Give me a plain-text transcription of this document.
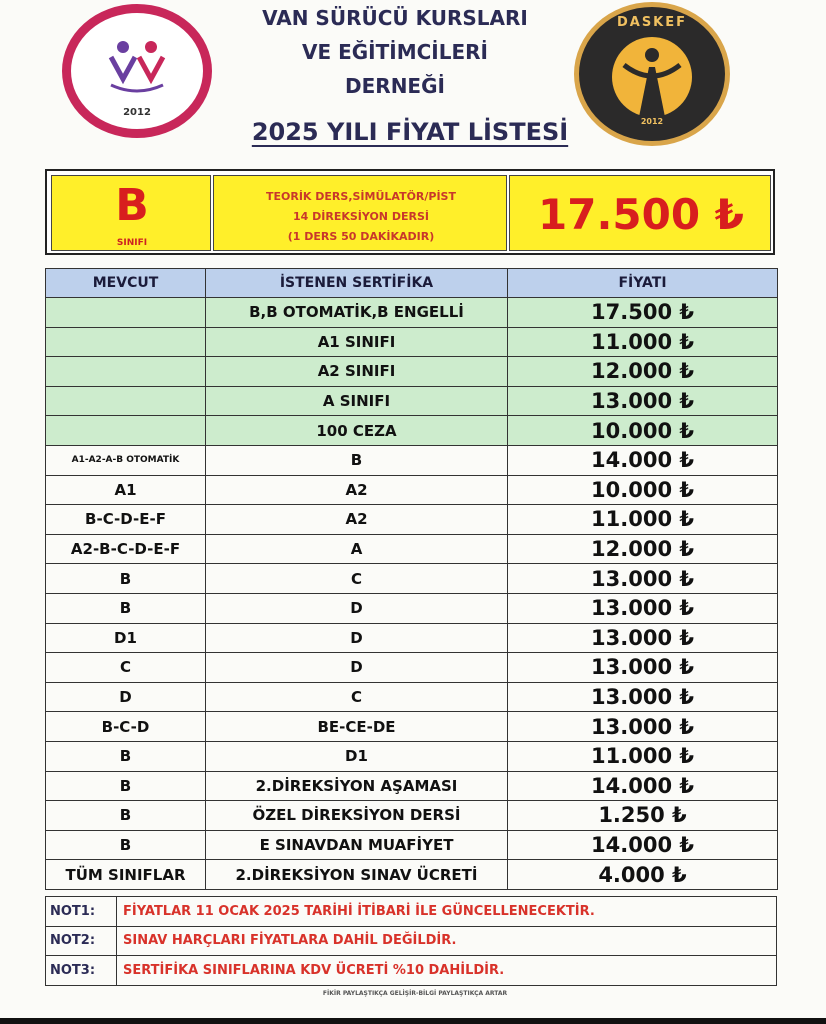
2012
VAN SÜRÜCÜ KURSLARI
VE EĞİTİMCİLERİ
DERNEĞİ
2025 YILI FİYAT LİSTESİ
DASKEF
2012
B
SINIFI
TEORİK DERS,SİMÜLATÖR/PİST
14 DİREKSİYON DERSİ
(1 DERS 50 DAKİKADIR)	17.500 ₺
MEVCUT	İSTENEN SERTİFİKA	FİYATI
	B,B OTOMATİK,B ENGELLİ	17.500 ₺
	A1 SINIFI	11.000 ₺
	A2 SINIFI	12.000 ₺
	A SINIFI	13.000 ₺
	100 CEZA	10.000 ₺
A1-A2-A-B OTOMATİK	B	14.000 ₺
A1	A2	10.000 ₺
B-C-D-E-F	A2	11.000 ₺
A2-B-C-D-E-F	A	12.000 ₺
B	C	13.000 ₺
B	D	13.000 ₺
D1	D	13.000 ₺
C	D	13.000 ₺
D	C	13.000 ₺
B-C-D	BE-CE-DE	13.000 ₺
B	D1	11.000 ₺
B	2.DİREKSİYON AŞAMASI	14.000 ₺
B	ÖZEL DİREKSİYON DERSİ	1.250 ₺
B	E SINAVDAN MUAFİYET	14.000 ₺
TÜM SINIFLAR	2.DİREKSİYON SINAV ÜCRETİ	4.000 ₺
NOT1:	FİYATLAR 11 OCAK 2025 TARİHİ İTİBARİ İLE GÜNCELLENECEKTİR.
NOT2:	SINAV HARÇLARI FİYATLARA DAHİL DEĞİLDİR.
NOT3:	SERTİFİKA SINIFLARINA KDV ÜCRETİ %10 DAHİLDİR.
FİKİR PAYLAŞTIKÇA GELİŞİR-BİLGİ PAYLAŞTIKÇA ARTAR
